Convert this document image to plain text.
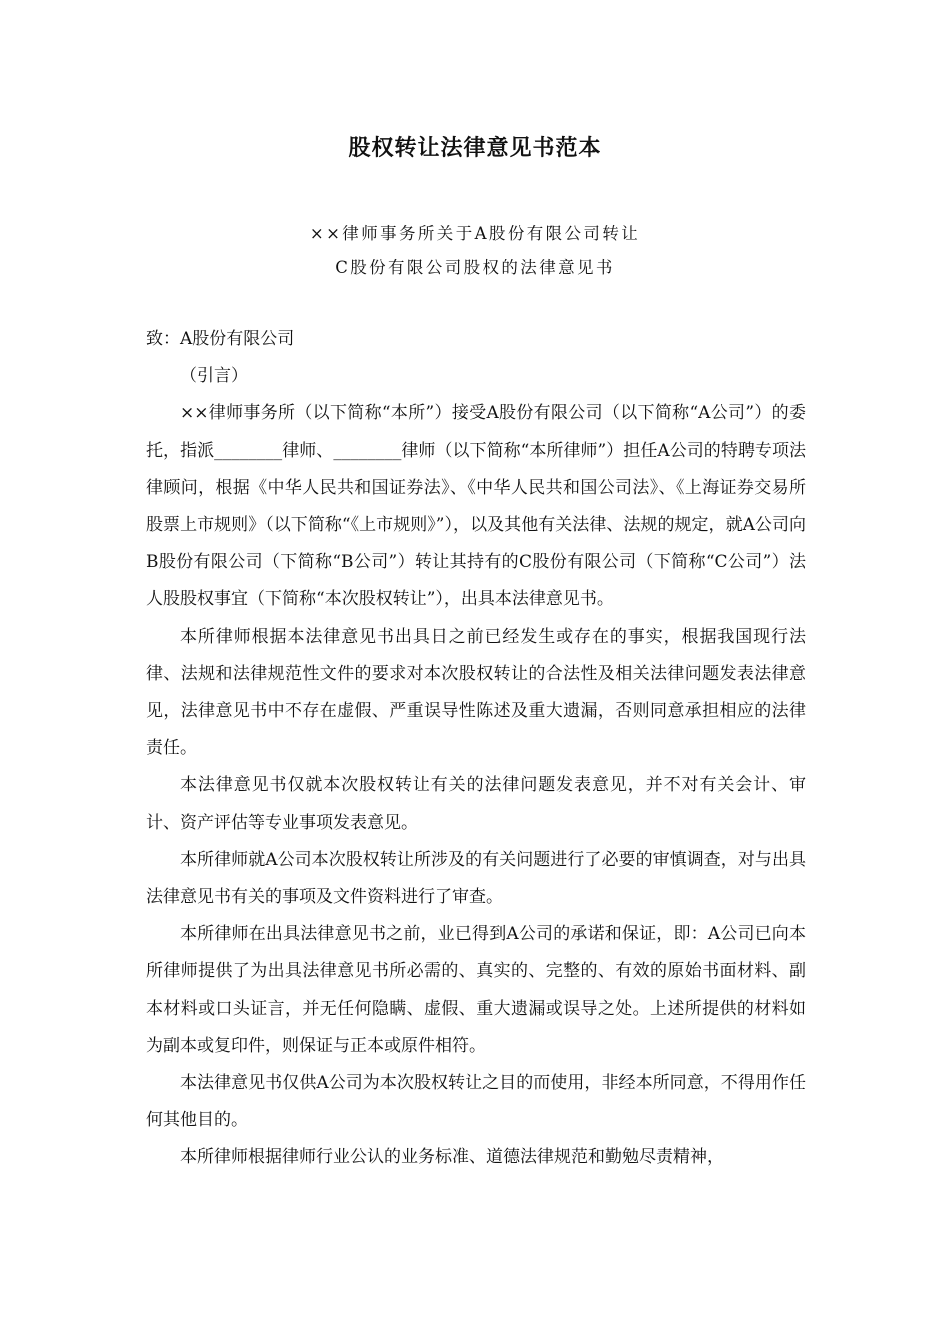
股权转让法律意见书范本
××律师事务所关于A股份有限公司转让
C股份有限公司股权的法律意见书

致：A股份有限公司

（引言）

××律师事务所（以下简称“本所”）接受A股份有限公司（以下简称“A公司”）的委托，指派________律师、________律师（以下简称“本所律师”）担任A公司的特聘专项法律顾问，根据《中华人民共和国证券法》、《中华人民共和国公司法》、《上海证券交易所股票上市规则》（以下简称“《上市规则》”），以及其他有关法律、法规的规定，就A公司向B股份有限公司（下简称“B公司”）转让其持有的C股份有限公司（下简称“C公司”）法人股股权事宜（下简称“本次股权转让”），出具本法律意见书。

本所律师根据本法律意见书出具日之前已经发生或存在的事实，根据我国现行法律、法规和法律规范性文件的要求对本次股权转让的合法性及相关法律问题发表法律意见，法律意见书中不存在虚假、严重误导性陈述及重大遗漏，否则同意承担相应的法律责任。

本法律意见书仅就本次股权转让有关的法律问题发表意见，并不对有关会计、审计、资产评估等专业事项发表意见。

本所律师就A公司本次股权转让所涉及的有关问题进行了必要的审慎调查，对与出具法律意见书有关的事项及文件资料进行了审查。

本所律师在出具法律意见书之前，业已得到A公司的承诺和保证，即：A公司已向本所律师提供了为出具法律意见书所必需的、真实的、完整的、有效的原始书面材料、副本材料或口头证言，并无任何隐瞒、虚假、重大遗漏或误导之处。上述所提供的材料如为副本或复印件，则保证与正本或原件相符。

本法律意见书仅供A公司为本次股权转让之目的而使用，非经本所同意，不得用作任何其他目的。

本所律师根据律师行业公认的业务标准、道德法律规范和勤勉尽责精神，
